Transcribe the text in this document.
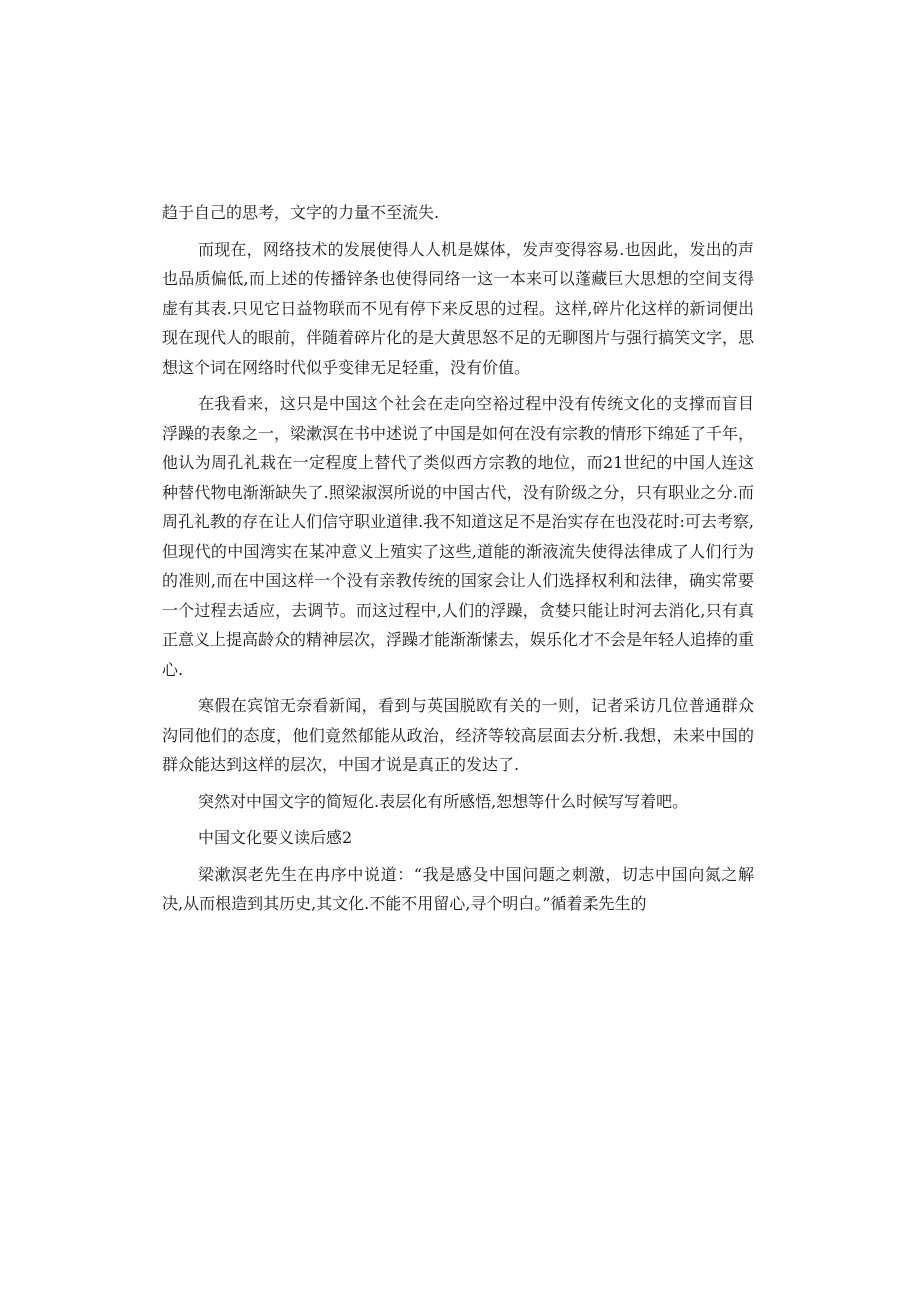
趋于自己的思考，文字的力量不至流失.

而现在，网络技术的发展使得人人机是媒体，发声变得容易.也因此，发出的声也品质偏低,而上述的传播锌条也使得同络一这一本来可以蓬藏巨大思想的空间支得虚有其表.只见它日益物联而不见有停下来反思的过程。这样,碎片化这样的新词便出现在现代人的眼前，伴随着碎片化的是大黄思怒不足的无聊图片与强行搞笑文字，思想这个词在网络时代似乎变律无足轻重，没有价值。

在我看来，这只是中国这个社会在走向空裕过程中没有传统文化的支撑而盲目浮躁的表象之一，梁漱溟在书中述说了中国是如何在没有宗教的情形下绵延了千年，他认为周孔礼栽在一定程度上替代了类似西方宗教的地位，而21世纪的中国人连这种替代物电渐渐缺失了.照梁淑溟所说的中国古代，没有阶级之分，只有职业之分.而周孔礼教的存在让人们信守职业道律.我不知道这足不是治实存在也没花时:可去考察,但现代的中国湾实在某冲意义上殖实了这些,道能的渐液流失使得法律成了人们行为的准则,而在中国这样一个没有亲教传统的国家会让人们选择权利和法律，确实常要一个过程去适应，去调节。而这过程中,人们的浮躁，贪婪只能让时河去消化,只有真正意义上提高龄众的精神层次，浮躁才能渐渐愫去，娱乐化才不会是年轻人追捧的重心.

寒假在宾馆无奈看新闻，看到与英国脱欧有关的一则，记者采访几位普通群众沟同他们的态度，他们竟然郁能从政治，经济等较高层面去分析.我想，未来中国的群众能达到这样的层次，中国才说是真正的发达了.

突然对中国文字的简短化.表层化有所感悟,恕想等什么时候写写着吧。

中国文化要义读后感2

梁漱溟老先生在冉序中说道：“我是感殳中国问题之刺激，切志中国向氮之解决,从而根造到其历史,其文化.不能不用留心,寻个明白。”循着柔先生的
